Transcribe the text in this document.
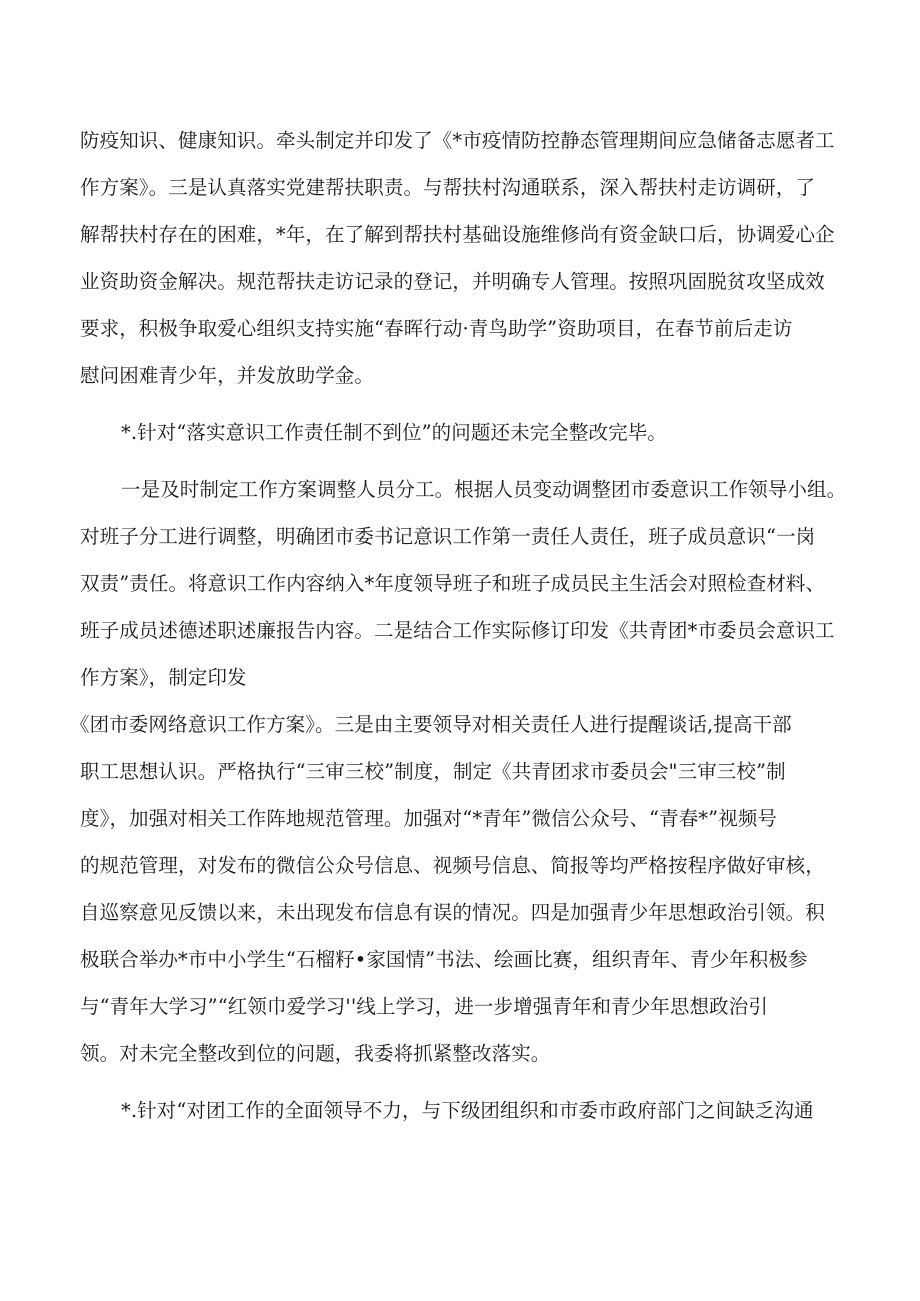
防疫知识、健康知识。牵头制定并印发了《*市疫情防控静态管理期间应急储备志愿者工
作方案》。三是认真落实党建帮扶职责。与帮扶村沟通联系，深入帮扶村走访调研，了
解帮扶村存在的困难，*年，在了解到帮扶村基础设施维修尚有资金缺口后，协调爱心企
业资助资金解决。规范帮扶走访记录的登记，并明确专人管理。按照巩固脱贫攻坚成效
要求，积极争取爱心组织支持实施“春晖行动·青鸟助学”资助项目，在春节前后走访
慰问困难青少年，并发放助学金。
*.针对“落实意识工作责任制不到位”的问题还未完全整改完毕。
一是及时制定工作方案调整人员分工。根据人员变动调整团市委意识工作领导小组。
对班子分工进行调整，明确团市委书记意识工作第一责任人责任，班子成员意识“一岗
双责”责任。将意识工作内容纳入*年度领导班子和班子成员民主生活会对照检查材料、
班子成员述德述职述廉报告内容。二是结合工作实际修订印发《共青团*市委员会意识工
作方案》，制定印发
《团市委网络意识工作方案》。三是由主要领导对相关责任人进行提醒谈话,提高干部
职工思想认识。严格执行“三审三校”制度，制定《共青团求市委员会"三审三校”制
度》，加强对相关工作阵地规范管理。加强对“*青年”微信公众号、“青春*”视频号
的规范管理，对发布的微信公众号信息、视频号信息、简报等均严格按程序做好审核，
自巡察意见反馈以来，未出现发布信息有误的情况。四是加强青少年思想政治引领。积
极联合举办*市中小学生“石榴籽•家国情”书法、绘画比赛，组织青年、青少年积极参
与“青年大学习”“红领巾爱学习''线上学习，进一步增强青年和青少年思想政治引
领。对未完全整改到位的问题，我委将抓紧整改落实。
*.针对“对团工作的全面领导不力，与下级团组织和市委市政府部门之间缺乏沟通
